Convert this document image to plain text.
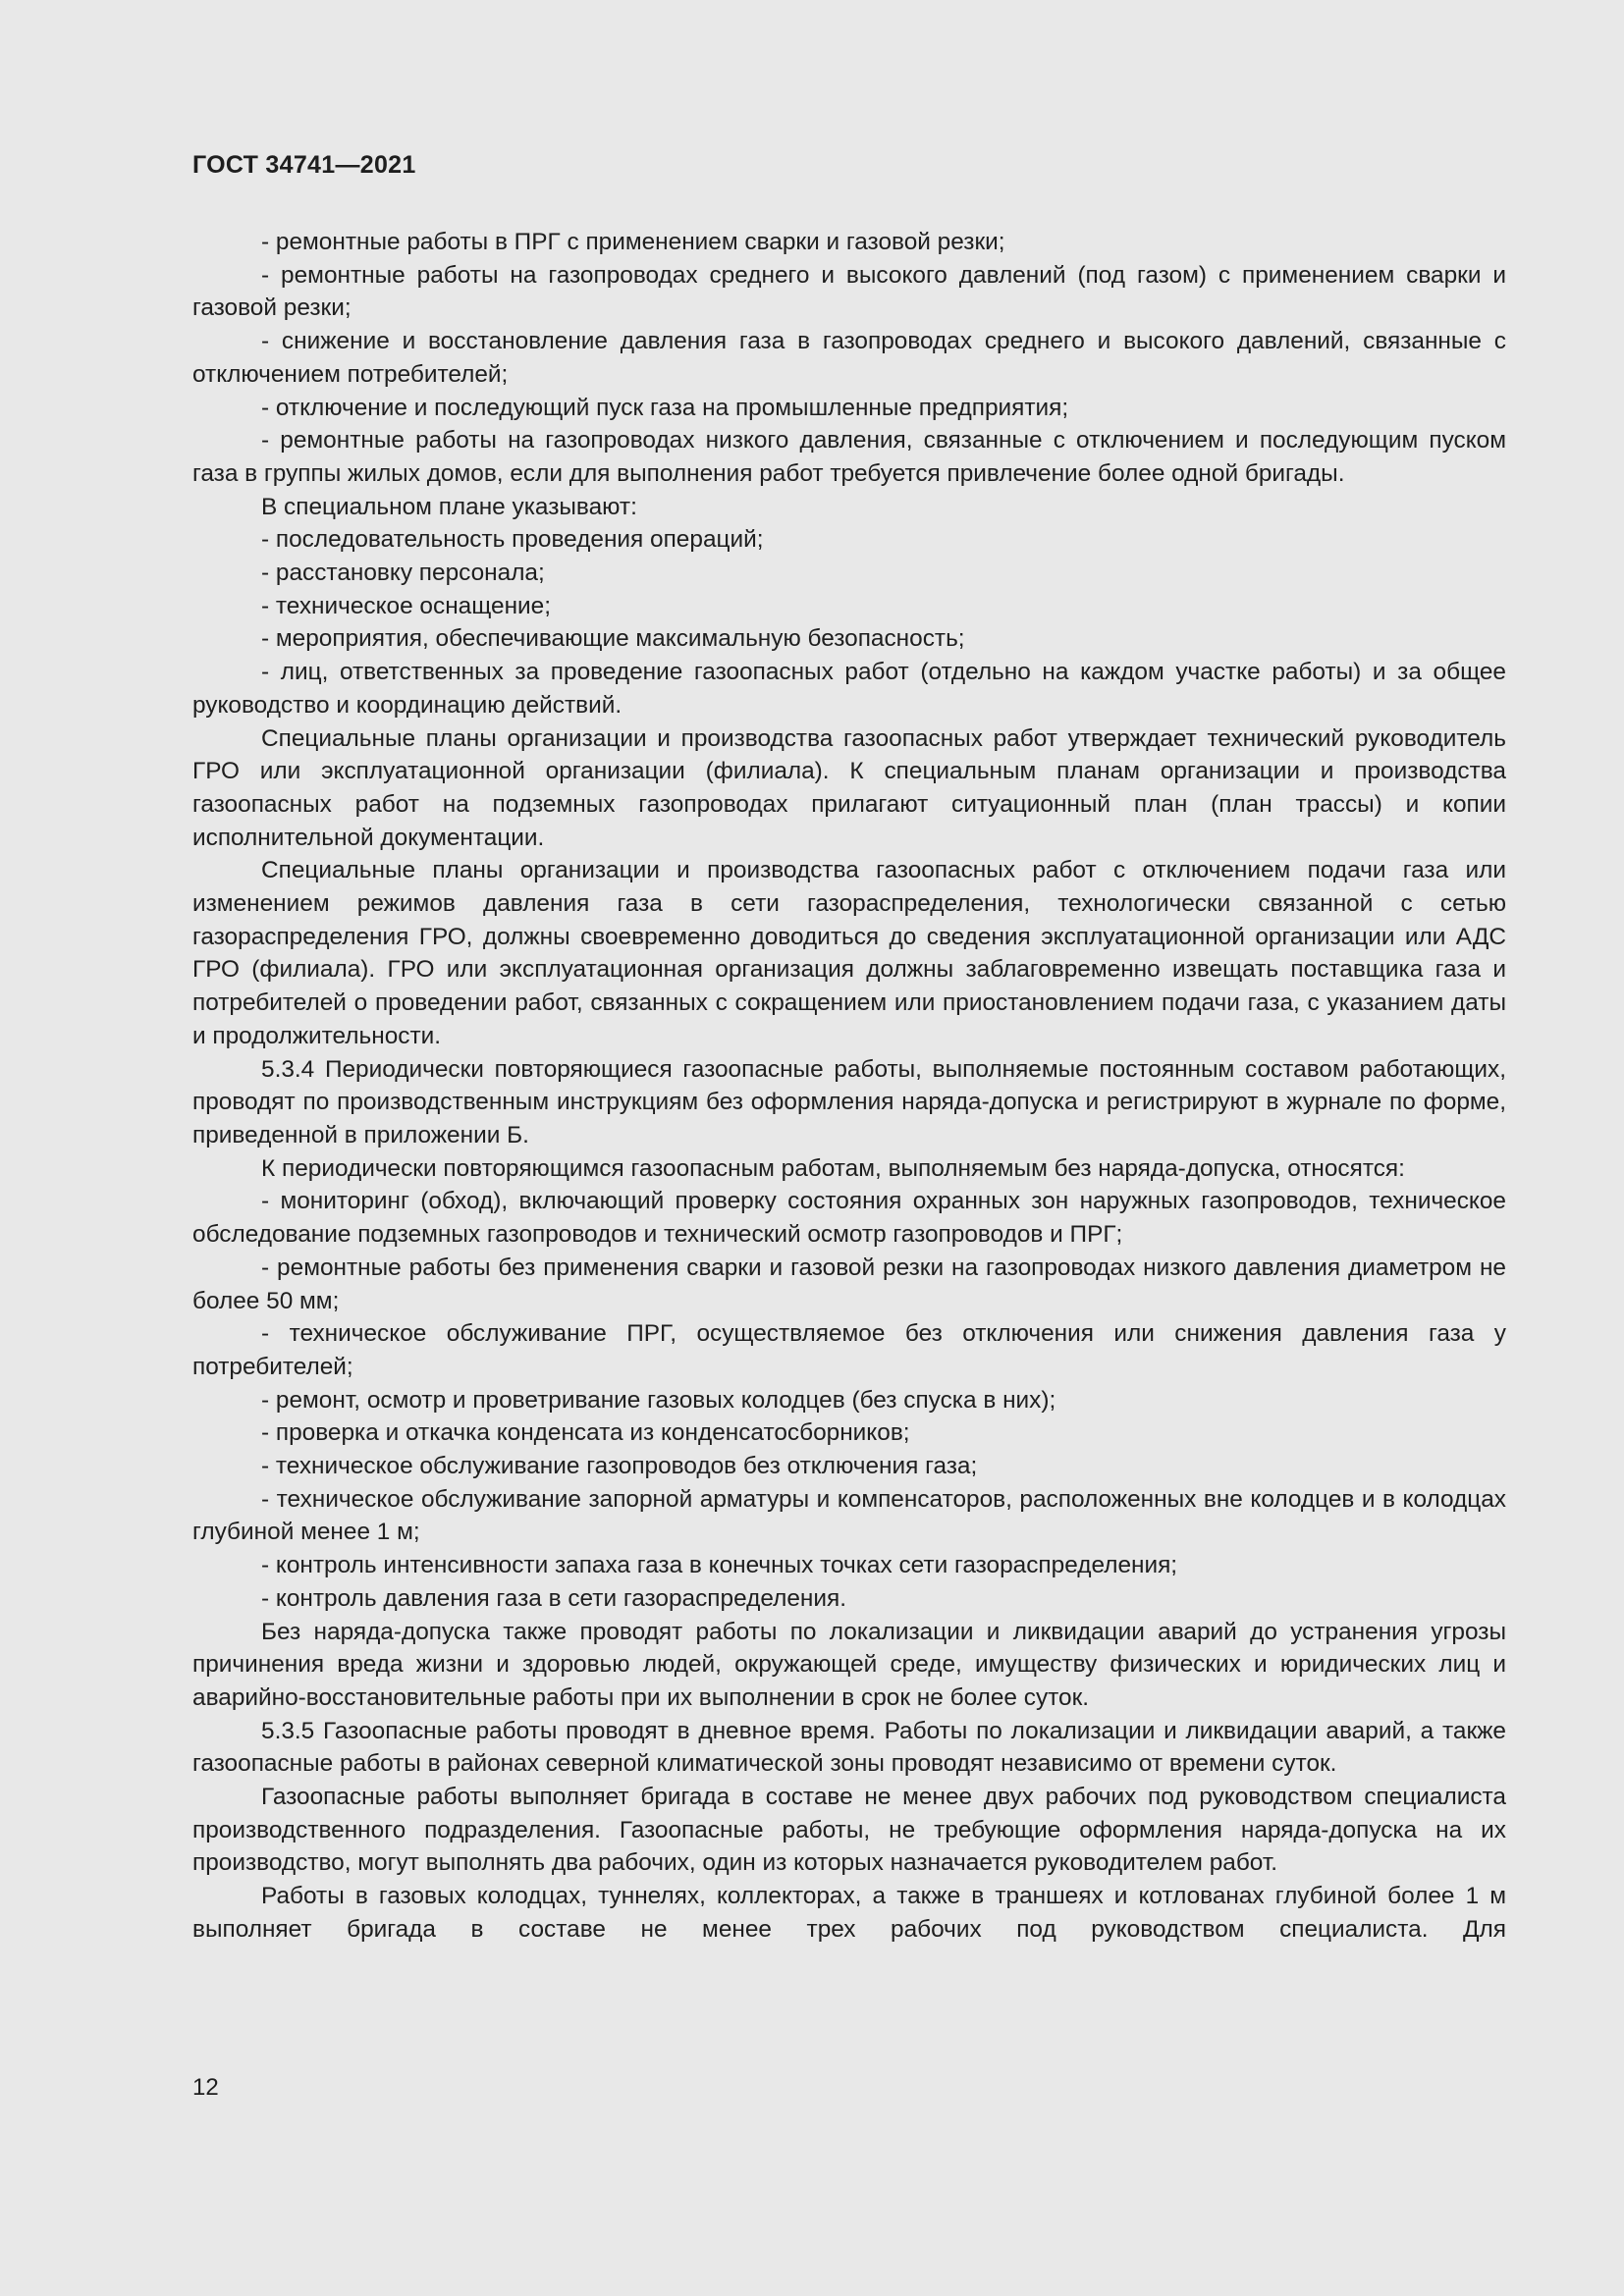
ГОСТ 34741—2021

- ремонтные работы в ПРГ с применением сварки и газовой резки;

- ремонтные работы на газопроводах среднего и высокого давлений (под газом) с применением сварки и газовой резки;

- снижение и восстановление давления газа в газопроводах среднего и высокого давлений, связанные с отключением потребителей;

- отключение и последующий пуск газа на промышленные предприятия;

- ремонтные работы на газопроводах низкого давления, связанные с отключением и последующим пуском газа в группы жилых домов, если для выполнения работ требуется привлечение более одной бригады.

В специальном плане указывают:

- последовательность проведения операций;

- расстановку персонала;

- техническое оснащение;

- мероприятия, обеспечивающие максимальную безопасность;

- лиц, ответственных за проведение газоопасных работ (отдельно на каждом участке работы) и за общее руководство и координацию действий.

Специальные планы организации и производства газоопасных работ утверждает технический руководитель ГРО или эксплуатационной организации (филиала). К специальным планам организации и производства газоопасных работ на подземных газопроводах прилагают ситуационный план (план трассы) и копии исполнительной документации.

Специальные планы организации и производства газоопасных работ с отключением подачи газа или изменением режимов давления газа в сети газораспределения, технологически связанной с сетью газораспределения ГРО, должны своевременно доводиться до сведения эксплуатационной организации или АДС ГРО (филиала). ГРО или эксплуатационная организация должны заблаговременно извещать поставщика газа и потребителей о проведении работ, связанных с сокращением или приостановлением подачи газа, с указанием даты и продолжительности.

5.3.4 Периодически повторяющиеся газоопасные работы, выполняемые постоянным составом работающих, проводят по производственным инструкциям без оформления наряда-допуска и регистрируют в журнале по форме, приведенной в приложении Б.

К периодически повторяющимся газоопасным работам, выполняемым без наряда-допуска, относятся:

- мониторинг (обход), включающий проверку состояния охранных зон наружных газопроводов, техническое обследование подземных газопроводов и технический осмотр газопроводов и ПРГ;

- ремонтные работы без применения сварки и газовой резки на газопроводах низкого давления диаметром не более 50 мм;

- техническое обслуживание ПРГ, осуществляемое без отключения или снижения давления газа у потребителей;

- ремонт, осмотр и проветривание газовых колодцев (без спуска в них);

- проверка и откачка конденсата из конденсатосборников;

- техническое обслуживание газопроводов без отключения газа;

- техническое обслуживание запорной арматуры и компенсаторов, расположенных вне колодцев и в колодцах глубиной менее 1 м;

- контроль интенсивности запаха газа в конечных точках сети газораспределения;

- контроль давления газа в сети газораспределения.

Без наряда-допуска также проводят работы по локализации и ликвидации аварий до устранения угрозы причинения вреда жизни и здоровью людей, окружающей среде, имуществу физических и юридических лиц и аварийно-восстановительные работы при их выполнении в срок не более суток.

5.3.5 Газоопасные работы проводят в дневное время. Работы по локализации и ликвидации аварий, а также газоопасные работы в районах северной климатической зоны проводят независимо от времени суток.

Газоопасные работы выполняет бригада в составе не менее двух рабочих под руководством специалиста производственного подразделения. Газоопасные работы, не требующие оформления наряда-допуска на их производство, могут выполнять два рабочих, один из которых назначается руководителем работ.

Работы в газовых колодцах, туннелях, коллекторах, а также в траншеях и котлованах глубиной более 1 м выполняет бригада в составе не менее трех рабочих под руководством специалиста. Для

12
